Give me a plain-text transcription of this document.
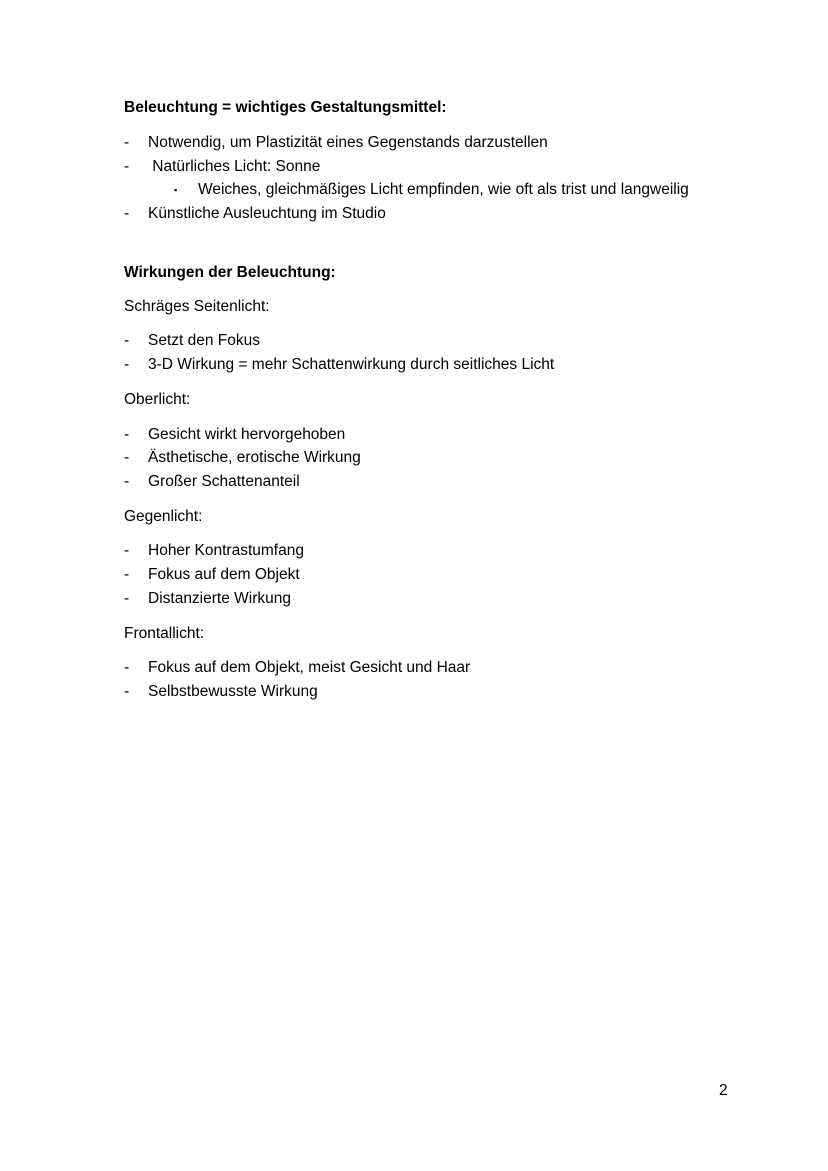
Beleuchtung = wichtiges Gestaltungsmittel:
- Notwendig, um Plastizität eines Gegenstands darzustellen
- Natürliches Licht: Sonne
▪ Weiches, gleichmäßiges Licht empfinden, wie oft als trist und langweilig
- Künstliche Ausleuchtung im Studio
Wirkungen der Beleuchtung:
Schräges Seitenlicht:
- Setzt den Fokus
- 3-D Wirkung = mehr Schattenwirkung durch seitliches Licht
Oberlicht:
- Gesicht wirkt hervorgehoben
- Ästhetische, erotische Wirkung
- Großer Schattenanteil
Gegenlicht:
- Hoher Kontrastumfang
- Fokus auf dem Objekt
- Distanzierte Wirkung
Frontallicht:
- Fokus auf dem Objekt, meist Gesicht und Haar
- Selbstbewusste Wirkung
2
